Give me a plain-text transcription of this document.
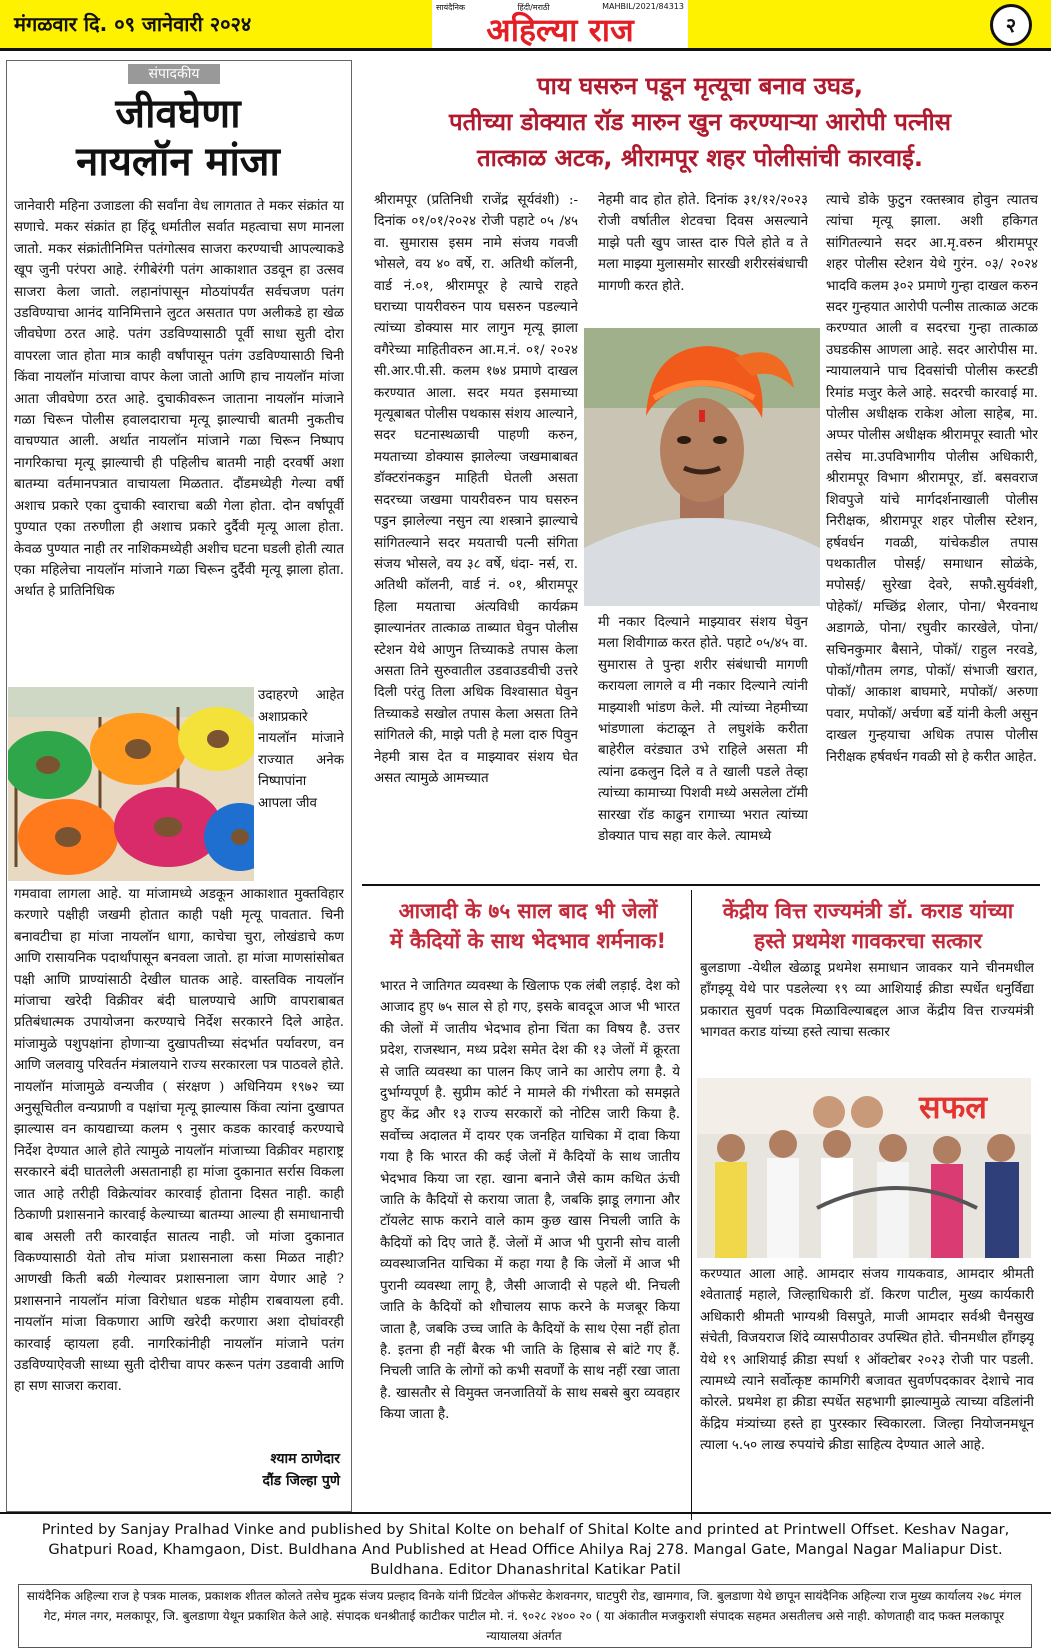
मंगळवार दि. ०९ जानेवारी २०२४
सायंदैनिक	हिंदी/मराठी	MAHBIL/2021/84313
अहिल्या राज	२
संपादकीय
जीवघेणा
नायलॉन मांजा
जानेवारी महिना उजाडला की सर्वांना वेध लागतात ते मकर संक्रांत या सणाचे. मकर संक्रांत हा हिंदू धर्मातील सर्वात महत्वाचा सण मानला जातो. मकर संक्रांतीनिमित्त पतंगोत्सव साजरा करण्याची आपल्याकडे खूप जुनी परंपरा आहे. रंगीबेरंगी पतंग आकाशात उडवून हा उत्सव साजरा केला जातो. लहानांपासून मोठयांपर्यंत सर्वचजण पतंग उडविण्याचा आनंद यानिमित्ताने लुटत असतात पण अलीकडे हा खेळ जीवघेणा ठरत आहे. पतंग उडविण्यासाठी पूर्वी साधा सुती दोरा वापरला जात होता मात्र काही वर्षांपासून पतंग उडविण्यासाठी चिनी किंवा नायलॉन मांजाचा वापर केला जातो आणि हाच नायलॉन मांजा आता जीवघेणा ठरत आहे. दुचाकीवरून जाताना नायलॉन मांजाने गळा चिरून पोलीस हवालदाराचा मृत्यू झाल्याची बातमी नुकतीच वाचण्यात आली. अर्थात नायलॉन मांजाने गळा चिरून निष्पाप नागरिकाचा मृत्यू झाल्याची ही पहिलीच बातमी नाही दरवर्षी अशा बातम्या वर्तमानपत्रात वाचायला मिळतात. दौंडमध्येही गेल्या वर्षी अशाच प्रकारे एका दुचाकी स्वाराचा बळी गेला होता. दोन वर्षापूर्वी पुण्यात एका तरुणीला ही अशाच प्रकारे दुर्दैवी मृत्यू आला होता. केवळ पुण्यात नाही तर नाशिकमध्येही अशीच घटना घडली होती त्यात एका महिलेचा नायलॉन मांजाने गळा चिरून दुर्दैवी मृत्यू झाला होता. अर्थात हे प्रातिनिधिक
उदाहरणे आहेत अशाप्रकारे नायलॉन मांजाने राज्यात अनेक निष्पापांना आपला जीव
गमवावा लागला आहे. या मांजामध्ये अडकून आकाशात मुक्तविहार करणारे पक्षीही जखमी होतात काही पक्षी मृत्यू पावतात. चिनी बनावटीचा हा मांजा नायलॉन धागा, काचेचा चुरा, लोखंडाचे कण आणि रासायनिक पदार्थांपासून बनवला जातो. हा मांजा माणसांसोबत पक्षी आणि प्राण्यांसाठी देखील घातक आहे. वास्तविक नायलॉन मांजाचा खरेदी विक्रीवर बंदी घालण्याचे आणि वापराबाबत प्रतिबंधात्मक उपायोजना करण्याचे निर्देश सरकारने दिले आहेत. मांजामुळे पशुपक्षांना होणाऱ्या दुखापतीच्या संदर्भात पर्यावरण, वन आणि जलवायु परिवर्तन मंत्रालयाने राज्य सरकारला पत्र पाठवले होते. नायलॉन मांजामुळे वन्यजीव ( संरक्षण ) अधिनियम १९७२ च्या अनुसूचितील वन्यप्राणी व पक्षांचा मृत्यू झाल्यास किंवा त्यांना दुखापत झाल्यास वन कायद्याच्या कलम ९ नुसार कडक कारवाई करण्याचे निर्देश देण्यात आले होते त्यामुळे नायलॉन मांजाच्या विक्रीवर महाराष्ट्र सरकारने बंदी घातलेली असतानाही हा मांजा दुकानात सर्रास विकला जात आहे तरीही विक्रेत्यांवर कारवाई होताना दिसत नाही. काही ठिकाणी प्रशासनाने कारवाई केल्याच्या बातम्या आल्या ही समाधानाची बाब असली तरी कारवाईत सातत्य नाही. जो मांजा दुकानात विकण्यासाठी येतो तोच मांजा प्रशासनाला कसा मिळत नाही? आणखी किती बळी गेल्यावर प्रशासनाला जाग येणार आहे ? प्रशासनाने नायलॉन मांजा विरोधात धडक मोहीम राबवायला हवी. नायलॉन मांजा विकणारा आणि खरेदी करणारा अशा दोघांवरही कारवाई व्हायला हवी. नागरिकांनीही नायलॉन मांजाने पतंग उडविण्याऐवजी साध्या सुती दोरीचा वापर करून पतंग उडवावी आणि हा सण साजरा करावा.
श्याम ठाणेदार
दौंड जिल्हा पुणे
पाय घसरुन पडून मृत्यूचा बनाव उघड,
पतीच्या डोक्यात रॉड मारुन खुन करण्याऱ्या आरोपी पत्नीस
तात्काळ अटक, श्रीरामपूर शहर पोलीसांची कारवाई.
श्रीरामपूर (प्रतिनिधी राजेंद्र सूर्यवंशी) :- दिनांक ०१/०१/२०२४ रोजी पहाटे ०५ /४५ वा. सुमारास इसम नामे संजय गवजी भोसले, वय ४० वर्षे, रा. अतिथी कॉलनी, वार्ड नं.०१, श्रीरामपूर हे त्याचे राहते घराच्या पायरीवरुन पाय घसरुन पडल्याने त्यांच्या डोक्यास मार लागुन मृत्यू झाला वगैरेच्या माहितीवरुन आ.म.नं. ०१/ २०२४ सी.आर.पी.सी. कलम १७४ प्रमाणे दाखल करण्यात आला. सदर मयत इसमाच्या मृत्यूबाबत पोलीस पथकास संशय आल्याने, सदर घटनास्थळाची पाहणी करुन, मयताच्या डोक्यास झालेल्या जखमाबाबत डॉक्टरांनकडुन माहिती घेतली असता सदरच्या जखमा पायरीवरुन पाय घसरुन पडुन झालेल्या नसुन त्या शस्त्राने झाल्याचे सांगितल्याने सदर मयताची पत्नी संगिता संजय भोसले, वय ३८ वर्षे, धंदा- नर्स, रा. अतिथी कॉलनी, वार्ड नं. ०१, श्रीरामपूर हिला मयताचा अंत्यविधी कार्यक्रम झाल्यानंतर तात्काळ ताब्यात घेवुन पोलीस स्टेशन येथे आणुन तिच्याकडे तपास केला असता तिने सुरुवातील उडवाउडवीची उत्तरे दिली परंतु तिला अधिक विश्वासात घेवुन तिच्याकडे सखोल तपास केला असता तिने सांगितले की, माझे पती हे मला दारु पिवुन नेहमी त्रास देत व माझ्यावर संशय घेत असत त्यामुळे आमच्यात
नेहमी वाद होत होते. दिनांक ३१/१२/२०२३ रोजी वर्षातील शेटवचा दिवस असल्याने माझे पती खुप जास्त दारु पिले होते व ते मला माझ्या मुलासमोर सारखी शरीरसंबंधाची मागणी करत होते.
मी नकार दिल्याने माझ्यावर संशय घेवुन मला शिवीगाळ करत होते. पहाटे ०५/४५ वा. सुमारास ते पुन्हा शरीर संबंधाची मागणी करायला लागले व मी नकार दिल्याने त्यांनी माझ्याशी भांडण केले. मी त्यांच्या नेहमीच्या भांडणाला कंटाळून ते लघुशंके करीता बाहेरील वरंड्यात उभे राहिले असता मी त्यांना ढकलुन दिले व ते खाली पडले तेव्हा त्यांच्या कामाच्या पिशवी मध्ये असलेला टॉमी सारखा रॉड काढुन रागाच्या भरात त्यांच्या डोक्यात पाच सहा वार केले. त्यामध्ये
त्याचे डोके फुटुन रक्तस्त्राव होवुन त्यातच त्यांचा मृत्यू झाला. अशी हकिगत सांगितल्याने सदर आ.मृ.वरुन श्रीरामपूर शहर पोलीस स्टेशन येथे गुरंन. ०३/ २०२४ भादवि कलम ३०२ प्रमाणे गुन्हा दाखल करुन सदर गुन्हयात आरोपी पत्नीस तात्काळ अटक करण्यात आली व सदरचा गुन्हा तात्काळ उघडकीस आणला आहे. सदर आरोपीस मा. न्यायालयाने पाच दिवसांची पोलीस कस्टडी रिमांड मजुर केले आहे. सदरची कारवाई मा. पोलीस अधीक्षक राकेश ओला साहेब, मा. अप्पर पोलीस अधीक्षक श्रीरामपूर स्वाती भोर तसेच मा.उपविभागीय पोलीस अधिकारी, श्रीरामपूर विभाग श्रीरामपूर, डॉ. बसवराज शिवपुजे यांचे मार्गदर्शनाखाली पोलीस निरीक्षक, श्रीरामपूर शहर पोलीस स्टेशन, हर्षवर्धन गवळी, यांचेकडील तपास पथकातील पोसई/ समाधान सोळंके, मपोसई/ सुरेखा देवरे, सफौ.सुर्यवंशी, पोहेकॉ/ मच्छिंद्र शेलार, पोना/ भैरवनाथ अडागळे, पोना/ रघुवीर कारखेले, पोना/ सचिनकुमार बैसाने, पोकॉ/ राहुल नरवडे, पोकॉ/गौतम लगड, पोकॉ/ संभाजी खरात, पोकॉ/ आकाश बाघमारे, मपोकॉ/ अरुणा पवार, मपोकॉ/ अर्चणा बर्डे यांनी केली असुन दाखल गुन्हयाचा अधिक तपास पोलीस निरीक्षक हर्षवर्धन गवळी सो हे करीत आहेत.
आजादी के ७५ साल बाद भी जेलों
में कैदियों के साथ भेदभाव शर्मनाक!
भारत ने जातिगत व्यवस्था के खिलाफ एक लंबी लड़ाई. देश को आजाद हुए ७५ साल से हो गए, इसके बावदूज आज भी भारत की जेलों में जातीय भेदभाव होना चिंता का विषय है. उत्तर प्रदेश, राजस्थान, मध्य प्रदेश समेत देश की १३ जेलों में क्रूरता से जाति व्यवस्था का पालन किए जाने का आरोप लगा है. ये दुर्भाग्यपूर्ण है. सुप्रीम कोर्ट ने मामले की गंभीरता को समझते हुए केंद्र और १३ राज्य सरकारों को नोटिस जारी किया है. सर्वोच्च अदालत में दायर एक जनहित याचिका में दावा किया गया है कि भारत की कई जेलों में कैदियों के साथ जातीय भेदभाव किया जा रहा. खाना बनाने जैसे काम कथित ऊंची जाति के कैदियों से कराया जाता है, जबकि झाडू लगाना और टॉयलेट साफ कराने वाले काम कुछ खास निचली जाति के कैदियों को दिए जाते हैं. जेलों में आज भी पुरानी सोच वाली व्यवस्थाजनित याचिका में कहा गया है कि जेलों में आज भी पुरानी व्यवस्था लागू है, जैसी आजादी से पहले थी. निचली जाति के कैदियों को शौचालय साफ करने के मजबूर किया जाता है, जबकि उच्च जाति के कैदियों के साथ ऐसा नहीं होता है. इतना ही नहीं बैरक भी जाति के हिसाब से बांटे गए हैं. निचली जाति के लोगों को कभी सवर्णों के साथ नहीं रखा जाता है. खासतौर से विमुक्त जनजातियों के साथ सबसे बुरा व्यवहार किया जाता है.
केंद्रीय वित्त राज्यमंत्री डॉ. कराड यांच्या
हस्ते प्रथमेश गावकरचा सत्कार
बुलडाणा -येथील खेळाडू प्रथमेश समाधान जावकर याने चीनमधील हॉंगझ्यू येथे पार पडलेल्या १९ व्या आशियाई क्रीडा स्पर्धेत धनुर्विद्या प्रकारात सुवर्ण पदक मिळाविल्याबद्दल आज केंद्रीय वित्त राज्यमंत्री भागवत कराड यांच्या हस्ते त्याचा सत्कार
सफल
करण्यात आला आहे. आमदार संजय गायकवाड, आमदार श्रीमती श्वेताताई महाले, जिल्हाधिकारी डॉ. किरण पाटील, मुख्य कार्यकारी अधिकारी श्रीमती भाग्यश्री विसपुते, माजी आमदार सर्वश्री चैनसुख संचेती, विजयराज शिंदे व्यासपीठावर उपस्थित होते. चीनमधील हॉंगझ्यू येथे १९ आशियाई क्रीडा स्पर्धा १ ऑक्टोबर २०२३ रोजी पार पडली. त्यामध्ये त्याने सर्वोत्कृष्ट कामगिरी बजावत सुवर्णपदकावर देशाचे नाव कोरले. प्रथमेश हा क्रीडा स्पर्धेत सहभागी झाल्यामुळे त्याच्या वडिलांनी केंद्रिय मंत्र्यांच्या हस्ते हा पुरस्कार स्विकारला. जिल्हा नियोजनमधून त्याला ५.५० लाख रुपयांचे क्रीडा साहित्य देण्यात आले आहे.
Printed by Sanjay Pralhad Vinke and published by Shital Kolte on behalf of Shital Kolte and printed at Printwell Offset. Keshav Nagar, Ghatpuri Road, Khamgaon, Dist. Buldhana And Published at Head Office Ahilya Raj 278. Mangal Gate, Mangal Nagar Maliapur Dist. Buldhana. Editor Dhanashrital Katikar Patil
सायंदैनिक अहिल्या राज हे पत्रक मालक, प्रकाशक शीतल कोलते तसेच मुद्रक संजय प्रल्हाद विनके यांनी प्रिंटवेल ऑफसेट केशवनगर, घाटपुरी रोड, खामगाव, जि. बुलडाणा येथे छापून सायंदैनिक अहिल्या राज मुख्य कार्यालय २७८ मंगल गेट, मंगल नगर, मलकापूर, जि. बुलडाणा येथून प्रकाशित केले आहे. संपादक धनश्रीताई काटीकर पाटील मो. नं. ९०२८ २४०० २० ( या अंकातील मजकुराशी संपादक सहमत असतीलच असे नाही. कोणताही वाद फक्त मलकापूर न्यायालया अंतर्गत
